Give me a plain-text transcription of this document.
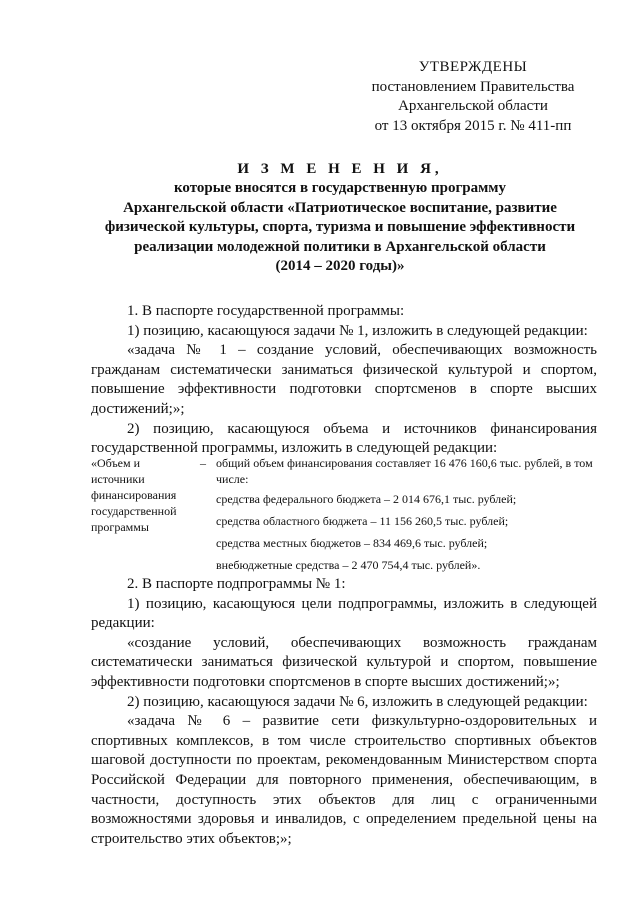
УТВЕРЖДЕНЫ
постановлением Правительства
Архангельской области
от 13 октября 2015 г. № 411-пп
И З М Е Н Е Н И Я,
которые вносятся в государственную программу
Архангельской области «Патриотическое воспитание, развитие
физической культуры, спорта, туризма и повышение эффективности
реализации молодежной политики в Архангельской области
(2014 – 2020 годы)»

1. В паспорте государственной программы:

1) позицию, касающуюся задачи № 1, изложить в следующей редакции:

«задача № 1 – создание условий, обеспечивающих возможность гражданам систематически заниматься физической культурой и спортом, повышение эффективности подготовки спортсменов в спорте высших достижений;»;

2) позицию, касающуюся объема и источников финансирования государственной программы, изложить в следующей редакции:

«Объем и источники финансирования государственной программы
– общий объем финансирования составляет 16 476 160,6 тыс. рублей, в том числе:

средства федерального бюджета – 2 014 676,1 тыс. рублей;

средства областного бюджета – 11 156 260,5 тыс. рублей;

средства местных бюджетов – 834 469,6 тыс. рублей;

внебюджетные средства – 2 470 754,4 тыс. рублей».

2. В паспорте подпрограммы № 1:

1) позицию, касающуюся цели подпрограммы, изложить в следующей редакции:

«создание условий, обеспечивающих возможность гражданам систематически заниматься физической культурой и спортом, повышение эффективности подготовки спортсменов в спорте высших достижений;»;

2) позицию, касающуюся задачи № 6, изложить в следующей редакции:

«задача № 6 – развитие сети физкультурно-оздоровительных и спортивных комплексов, в том числе строительство спортивных объектов шаговой доступности по проектам, рекомендованным Министерством спорта Российской Федерации для повторного применения, обеспечивающим, в частности, доступность этих объектов для лиц с ограниченными возможностями здоровья и инвалидов, с определением предельной цены на строительство этих объектов;»;
